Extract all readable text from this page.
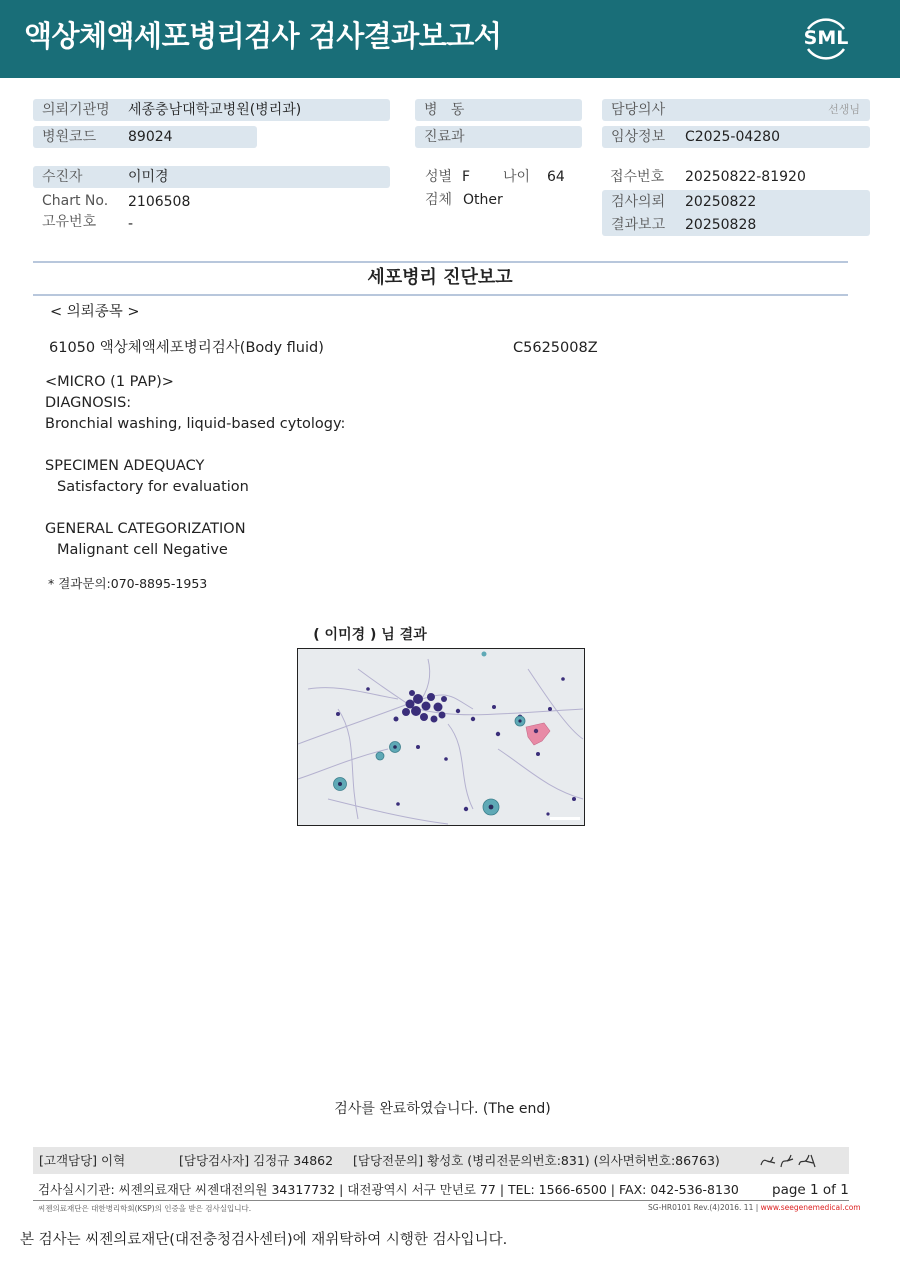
액상체액세포병리검사 검사결과보고서	SML
의뢰기관명 세종충남대학교병원(병리과)	병   동	담당의사	선생님
병원코드 89024	진료과	임상정보 C2025-04280
수진자	이미경	성별 F 나이 64	접수번호 20250822-81920
Chart No. 2106508
고유번호 -
검체 Other	검사의뢰 20250822
결과보고 20250828
세포병리 진단보고
< 의뢰종목 >
61050 액상체액세포병리검사(Body fluid)	C5625008Z
<MICRO (1 PAP)>
DIAGNOSIS:
Bronchial washing, liquid-based cytology:
SPECIMEN ADEQUACY
Satisfactory for evaluation
GENERAL CATEGORIZATION
Malignant cell Negative
* 결과문의:070-8895-1953
( 이미경 ) 님 결과
검사를 완료하였습니다. (The end)
[고객담당] 이혁	[담당검사자] 김정규 34862 [담당전문의] 황성호 (병리전문의번호:831) (의사면허번호:86763)
검사실시기관: 씨젠의료재단 씨젠대전의원 34317732 | 대전광역시 서구 만년로 77 | TEL: 1566-6500 | FAX: 042-536-8130 page 1 of 1
씨젠의료재단은 대한병리학회(KSP)의 인증을 받은 검사실입니다.	SG-HR0101 Rev.(4)2016. 11 | www.seegenemedical.com
본 검사는 씨젠의료재단(대전충청검사센터)에 재위탁하여 시행한 검사입니다.
